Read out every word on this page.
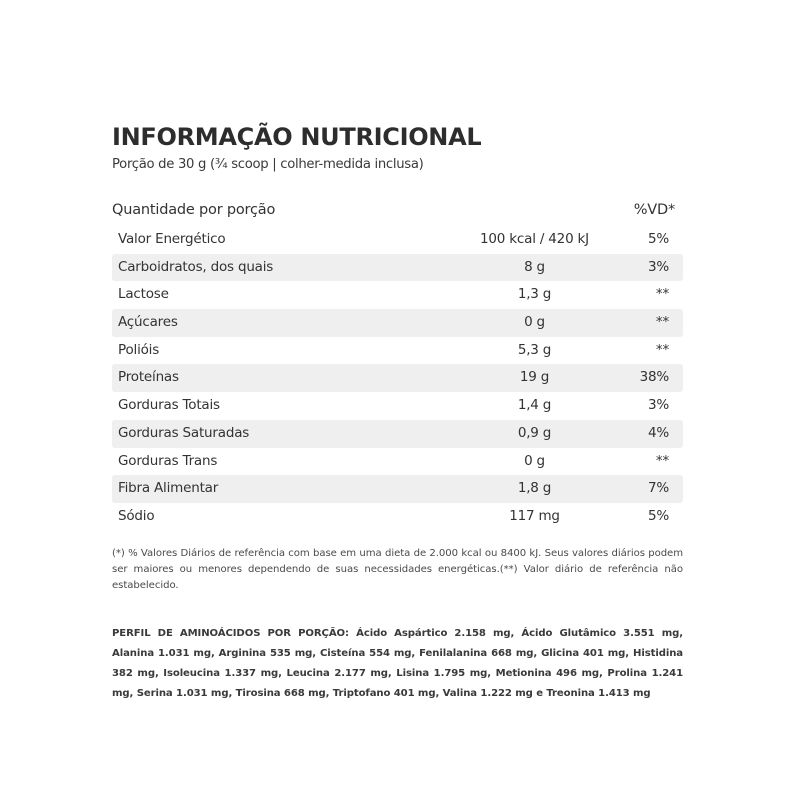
INFORMAÇÃO NUTRICIONAL
Porção de 30 g (¾ scoop | colher-medida inclusa)
Quantidade por porção	%VD*
Valor Energético	100 kcal / 420 kJ	5%
Carboidratos, dos quais	8 g	3%
Lactose	1,3 g	**
Açúcares	0 g	**
Polióis	5,3 g	**
Proteínas	19 g	38%
Gorduras Totais	1,4 g	3%
Gorduras Saturadas	0,9 g	4%
Gorduras Trans	0 g	**
Fibra Alimentar	1,8 g	7%
Sódio	117 mg	5%

(*) % Valores Diários de referência com base em uma dieta de 2.000 kcal ou 8400 kJ. Seus valores diários podem ser maiores ou menores dependendo de suas necessidades energéticas.(**) Valor diário de referência não estabelecido.

PERFIL DE AMINOÁCIDOS POR PORÇÃO: Ácido Aspártico 2.158 mg, Ácido Glutâmico 3.551 mg, Alanina 1.031 mg, Arginina 535 mg, Cisteína 554 mg, Fenilalanina 668 mg, Glicina 401 mg, Histidina 382 mg, Isoleucina 1.337 mg, Leucina 2.177 mg, Lisina 1.795 mg, Metionina 496 mg, Prolina 1.241 mg, Serina 1.031 mg, Tirosina 668 mg, Triptofano 401 mg, Valina 1.222 mg e Treonina 1.413 mg
